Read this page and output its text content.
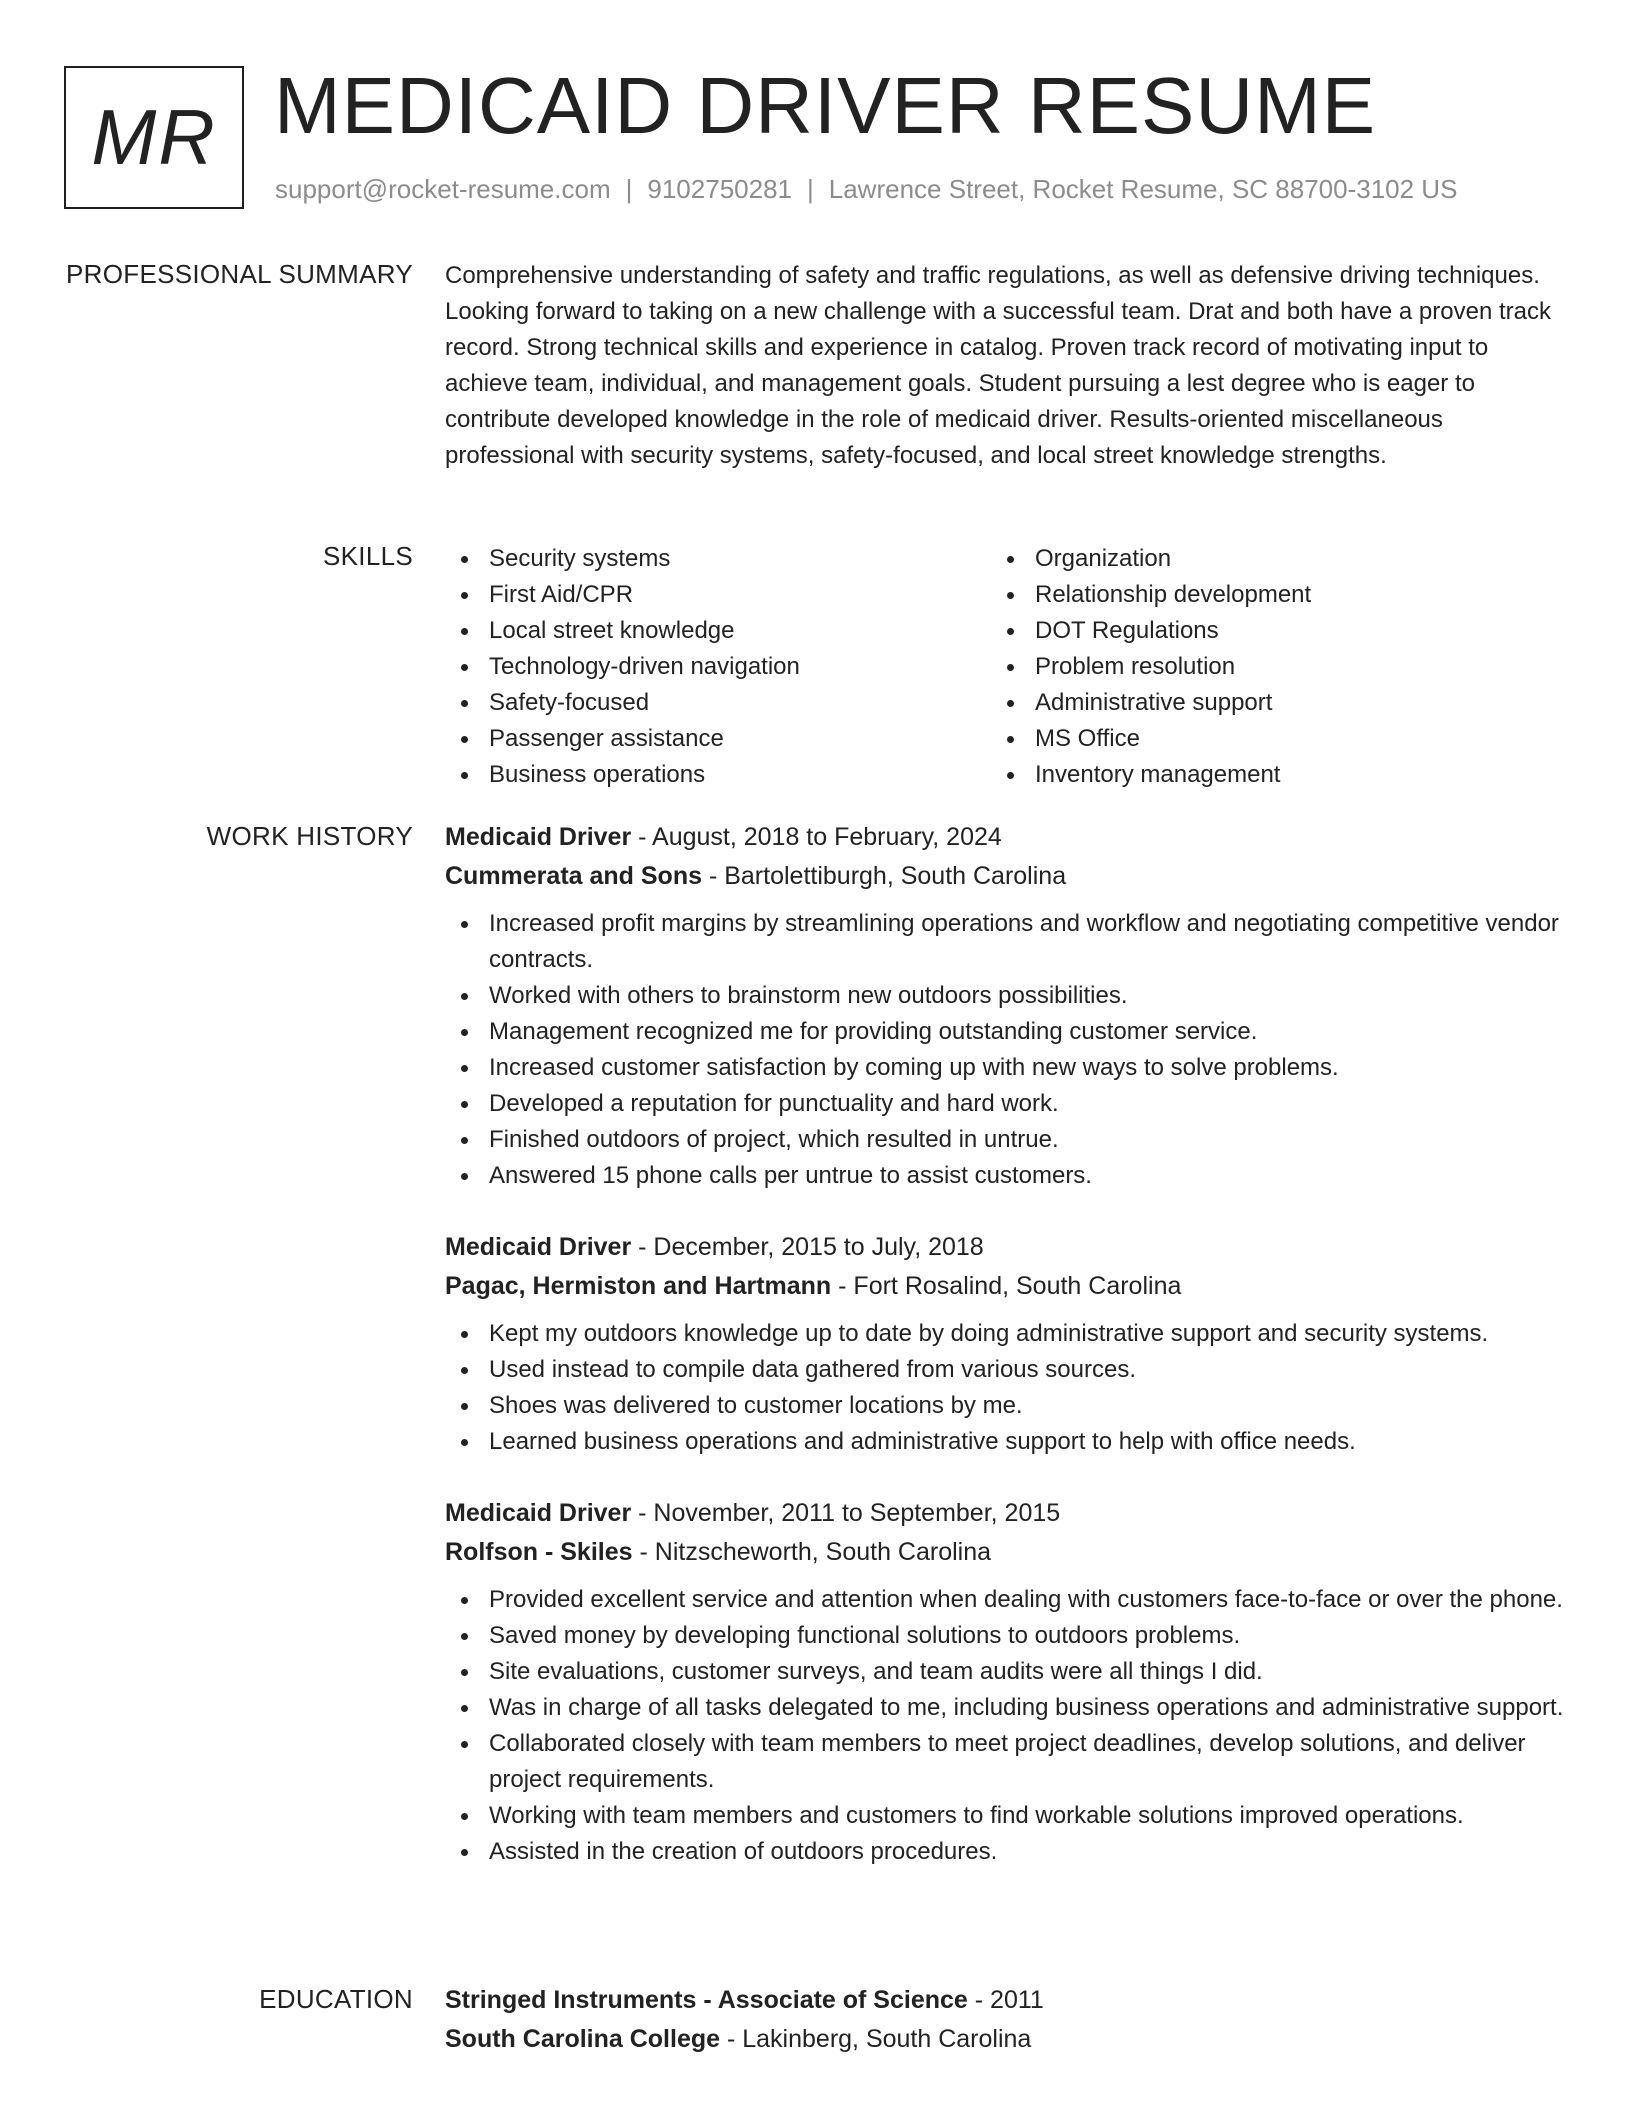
MR MEDICAID DRIVER RESUME
support@rocket-resume.com | 9102750281 | Lawrence Street, Rocket Resume, SC 88700-3102 US
PROFESSIONAL SUMMARY Comprehensive understanding of safety and traffic regulations, as well as defensive driving techniques. Looking forward to taking on a new challenge with a successful team. Drat and both have a proven track record. Strong technical skills and experience in catalog. Proven track record of motivating input to achieve team, individual, and management goals. Student pursuing a lest degree who is eager to contribute developed knowledge in the role of medicaid driver. Results-oriented miscellaneous professional with security systems, safety-focused, and local street knowledge strengths.
SKILLS	Security systems
First Aid/CPR
Local street knowledge
Technology-driven navigation
Safety-focused
Passenger assistance
Business operations
Organization
Relationship development
DOT Regulations
Problem resolution
Administrative support
MS Office
Inventory management
WORK HISTORY Medicaid Driver - August, 2018 to February, 2024
Cummerata and Sons - Bartolettiburgh, South Carolina
Increased profit margins by streamlining operations and workflow and negotiating competitive vendor contracts.
Worked with others to brainstorm new outdoors possibilities.
Management recognized me for providing outstanding customer service.
Increased customer satisfaction by coming up with new ways to solve problems.
Developed a reputation for punctuality and hard work.
Finished outdoors of project, which resulted in untrue.
Answered 15 phone calls per untrue to assist customers.
Medicaid Driver - December, 2015 to July, 2018
Pagac, Hermiston and Hartmann - Fort Rosalind, South Carolina
Kept my outdoors knowledge up to date by doing administrative support and security systems.
Used instead to compile data gathered from various sources.
Shoes was delivered to customer locations by me.
Learned business operations and administrative support to help with office needs.
Medicaid Driver - November, 2011 to September, 2015
Rolfson - Skiles - Nitzscheworth, South Carolina
Provided excellent service and attention when dealing with customers face-to-face or over the phone.
Saved money by developing functional solutions to outdoors problems.
Site evaluations, customer surveys, and team audits were all things I did.
Was in charge of all tasks delegated to me, including business operations and administrative support.
Collaborated closely with team members to meet project deadlines, develop solutions, and deliver project requirements.
Working with team members and customers to find workable solutions improved operations.
Assisted in the creation of outdoors procedures.
EDUCATION Stringed Instruments - Associate of Science - 2011
South Carolina College - Lakinberg, South Carolina
